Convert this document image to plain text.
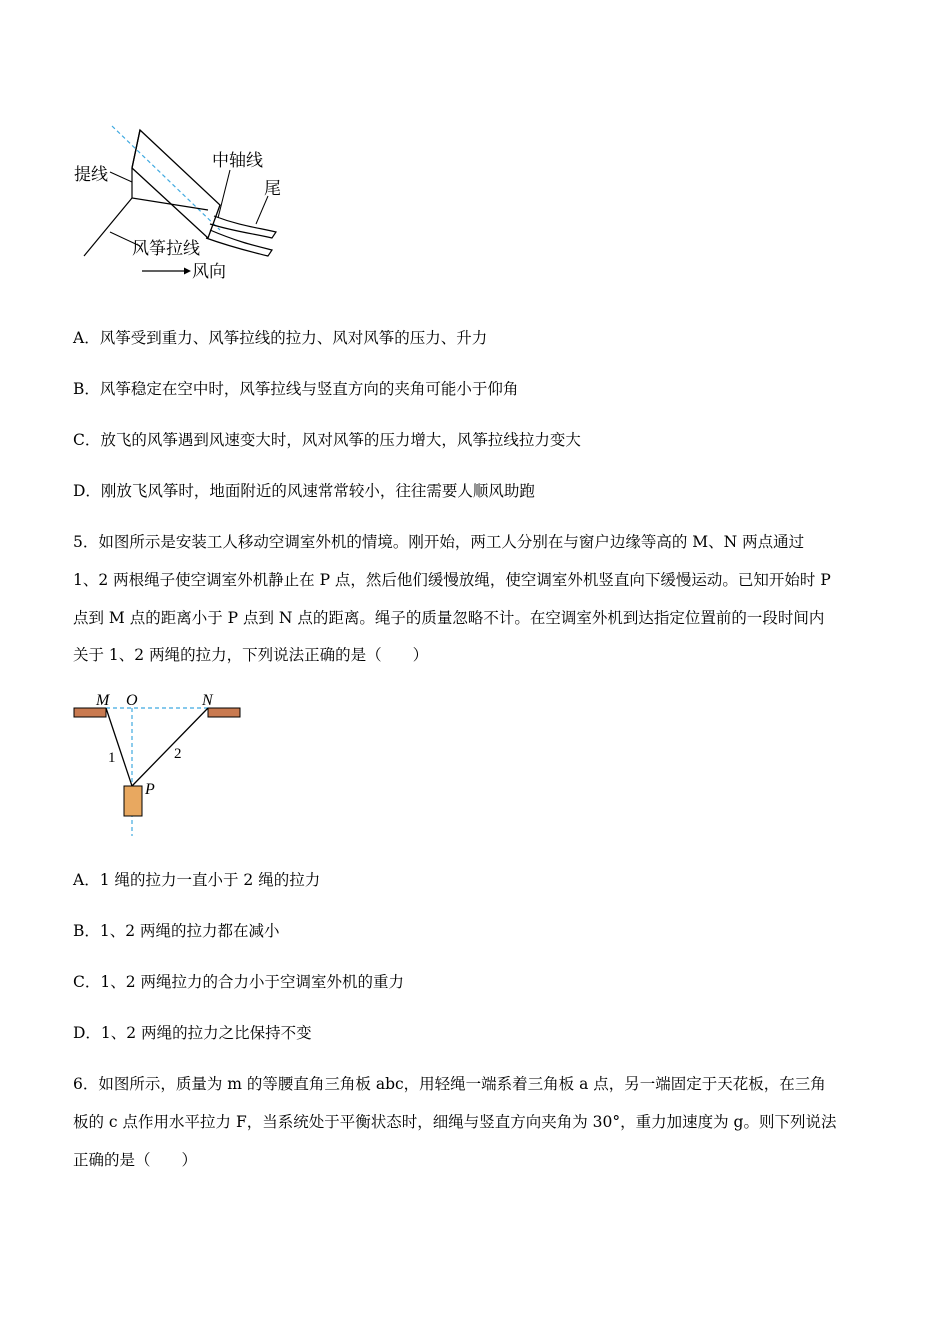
提线
中轴线
尾
风筝拉线
风向
A．风筝受到重力、风筝拉线的拉力、风对风筝的压力、升力
B．风筝稳定在空中时，风筝拉线与竖直方向的夹角可能小于仰角
C．放飞的风筝遇到风速变大时，风对风筝的压力增大，风筝拉线拉力变大
D．刚放飞风筝时，地面附近的风速常常较小，往往需要人顺风助跑
5．如图所示是安装工人移动空调室外机的情境。刚开始，两工人分别在与窗户边缘等高的 M、N 两点通过
1、2 两根绳子使空调室外机静止在 P 点，然后他们缓慢放绳，使空调室外机竖直向下缓慢运动。已知开始时 P
点到 M 点的距离小于 P 点到 N 点的距离。绳子的质量忽略不计。在空调室外机到达指定位置前的一段时间内
关于 1、2 两绳的拉力，下列说法正确的是（　　）
M O	N
1	2
P
A．1 绳的拉力一直小于 2 绳的拉力
B．1、2 两绳的拉力都在减小
C．1、2 两绳拉力的合力小于空调室外机的重力
D．1、2 两绳的拉力之比保持不变
6．如图所示，质量为 m 的等腰直角三角板 abc，用轻绳一端系着三角板 a 点，另一端固定于天花板，在三角
板的 c 点作用水平拉力 F，当系统处于平衡状态时，细绳与竖直方向夹角为 30°，重力加速度为 g。则下列说法
正确的是（　　）
